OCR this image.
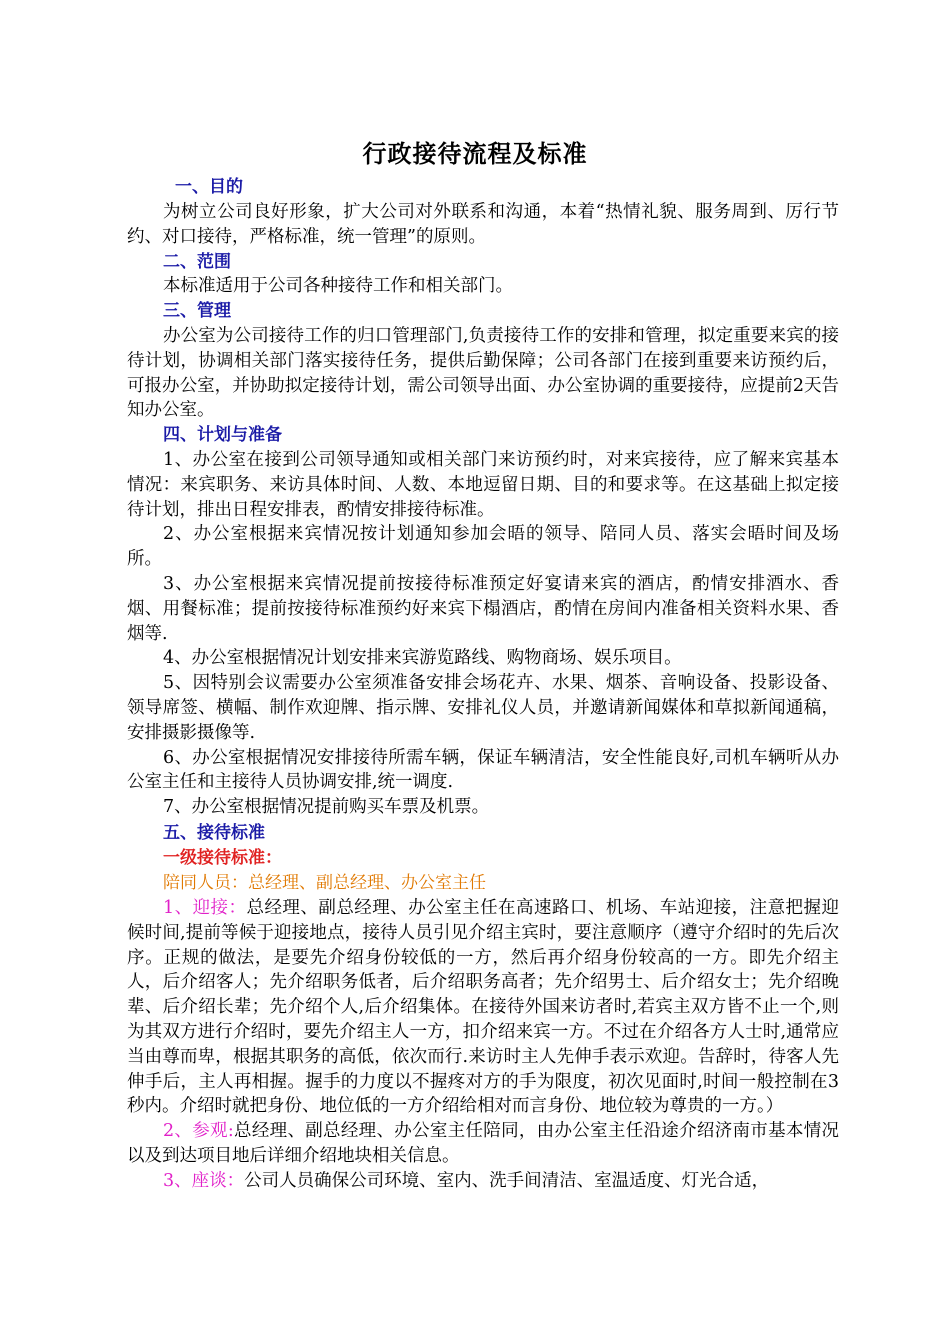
行政接待流程及标准
一、目的

为树立公司良好形象，扩大公司对外联系和沟通，本着“热情礼貌、服务周到、厉行节约、对口接待，严格标准，统一管理”的原则。

二、范围

本标准适用于公司各种接待工作和相关部门。

三、管理

办公室为公司接待工作的归口管理部门,负责接待工作的安排和管理，拟定重要来宾的接待计划，协调相关部门落实接待任务，提供后勤保障；公司各部门在接到重要来访预约后，可报办公室，并协助拟定接待计划，需公司领导出面、办公室协调的重要接待，应提前2天告知办公室。

四、计划与准备

1、办公室在接到公司领导通知或相关部门来访预约时，对来宾接待，应了解来宾基本情况：来宾职务、来访具体时间、人数、本地逗留日期、目的和要求等。在这基础上拟定接待计划，排出日程安排表，酌情安排接待标准。

2、办公室根据来宾情况按计划通知参加会晤的领导、陪同人员、落实会晤时间及场所。

3、办公室根据来宾情况提前按接待标准预定好宴请来宾的酒店，酌情安排酒水、香烟、用餐标准；提前按接待标准预约好来宾下榻酒店，酌情在房间内准备相关资料水果、香烟等.

4、办公室根据情况计划安排来宾游览路线、购物商场、娱乐项目。

5、因特别会议需要办公室须准备安排会场花卉、水果、烟茶、音响设备、投影设备、领导席签、横幅、制作欢迎牌、指示牌、安排礼仪人员，并邀请新闻媒体和草拟新闻通稿，安排摄影摄像等.

6、办公室根据情况安排接待所需车辆，保证车辆清洁，安全性能良好,司机车辆听从办公室主任和主接待人员协调安排,统一调度.

7、办公室根据情况提前购买车票及机票。

五、接待标准
一级接待标准：
陪同人员：总经理、副总经理、办公室主任

1、迎接：总经理、副总经理、办公室主任在高速路口、机场、车站迎接，注意把握迎候时间,提前等候于迎接地点，接待人员引见介绍主宾时，要注意顺序（遵守介绍时的先后次序。正规的做法，是要先介绍身份较低的一方，然后再介绍身份较高的一方。即先介绍主人，后介绍客人；先介绍职务低者，后介绍职务高者；先介绍男士、后介绍女士；先介绍晚辈、后介绍长辈；先介绍个人,后介绍集体。在接待外国来访者时,若宾主双方皆不止一个,则为其双方进行介绍时，要先介绍主人一方，扣介绍来宾一方。不过在介绍各方人士时,通常应当由尊而卑，根据其职务的高低，依次而行.来访时主人先伸手表示欢迎。告辞时，待客人先伸手后，主人再相握。握手的力度以不握疼对方的手为限度，初次见面时,时间一般控制在3秒内。介绍时就把身份、地位低的一方介绍给相对而言身份、地位较为尊贵的一方。）

2、参观:总经理、副总经理、办公室主任陪同，由办公室主任沿途介绍济南市基本情况以及到达项目地后详细介绍地块相关信息。

3、座谈：公司人员确保公司环境、室内、洗手间清洁、室温适度、灯光合适，
